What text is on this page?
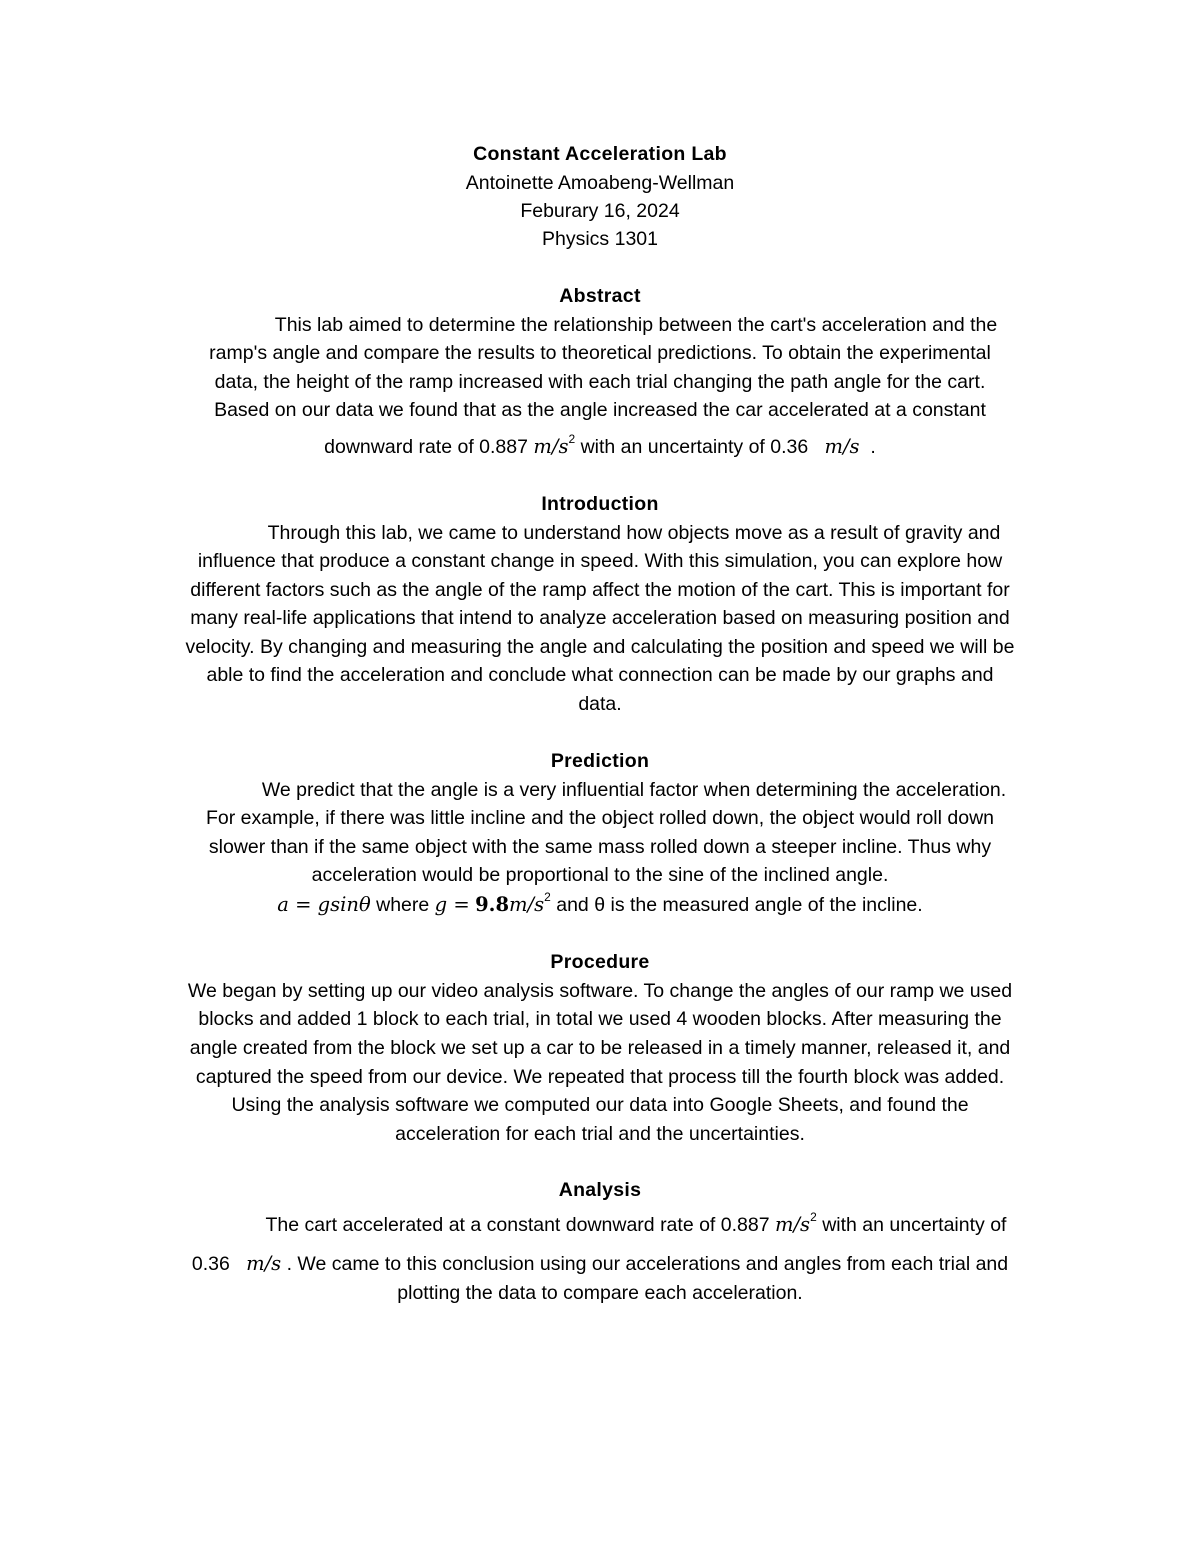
Constant Acceleration Lab
Antoinette Amoabeng-Wellman
Feburary 16, 2024
Physics 1301
Abstract
This lab aimed to determine the relationship between the cart's acceleration and the
ramp's angle and compare the results to theoretical predictions. To obtain the experimental
data, the height of the ramp increased with each trial changing the path angle for the cart.
Based on our data we found that as the angle increased the car accelerated at a constant
downward rate of 0.887 $m/s^2$ with an uncertainty of 0.36 m/s .
Introduction
Through this lab, we came to understand how objects move as a result of gravity and
influence that produce a constant change in speed. With this simulation, you can explore how
different factors such as the angle of the ramp affect the motion of the cart. This is important for
many real-life applications that intend to analyze acceleration based on measuring position and
velocity. By changing and measuring the angle and calculating the position and speed we will be
able to find the acceleration and conclude what connection can be made by our graphs and
data.
Prediction
We predict that the angle is a very influential factor when determining the acceleration.
For example, if there was little incline and the object rolled down, the object would roll down
slower than if the same object with the same mass rolled down a steeper incline. Thus why
acceleration would be proportional to the sine of the inclined angle.
a = gsinθ where $g = 9.8m/s^2$ and θ is the measured angle of the incline.
Procedure
We began by setting up our video analysis software. To change the angles of our ramp we used
blocks and added 1 block to each trial, in total we used 4 wooden blocks. After measuring the
angle created from the block we set up a car to be released in a timely manner, released it, and
captured the speed from our device. We repeated that process till the fourth block was added.
Using the analysis software we computed our data into Google Sheets, and found the
acceleration for each trial and the uncertainties.
Analysis
The cart accelerated at a constant downward rate of 0.887 $m/s^2$ with an uncertainty of
0.36 m/s . We came to this conclusion using our accelerations and angles from each trial and
plotting the data to compare each acceleration.
